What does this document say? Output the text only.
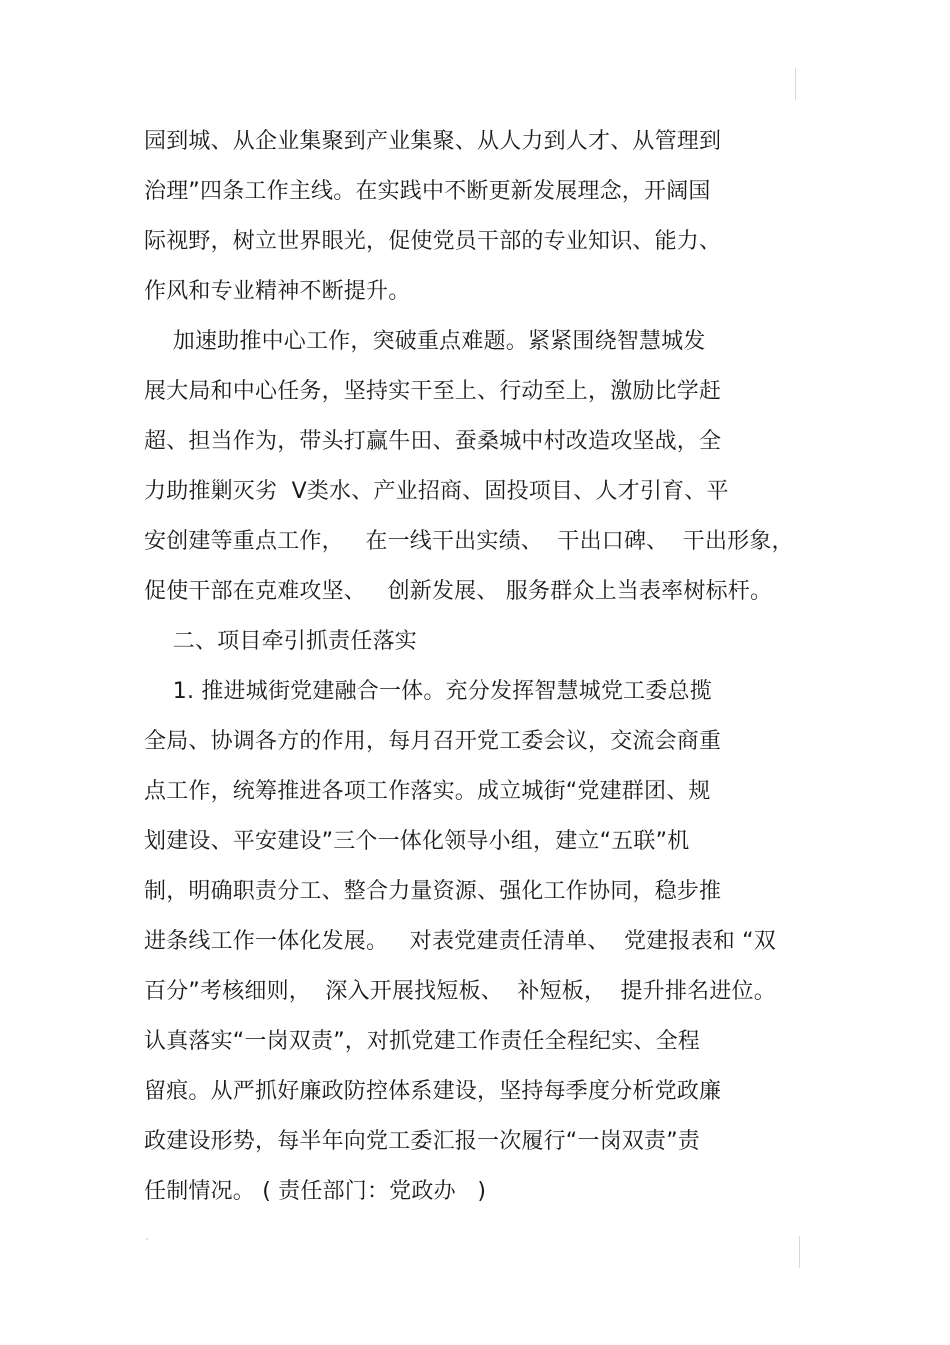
园到城、从企业集聚到产业集聚、从人力到人才、从管理到

治理”四条工作主线。在实践中不断更新发展理念，开阔国

际视野，树立世界眼光，促使党员干部的专业知识、能力、

作风和专业精神不断提升。

加速助推中心工作，突破重点难题。紧紧围绕智慧城发

展大局和中心任务，坚持实干至上、行动至上，激励比学赶

超、担当作为，带头打赢牛田、蚕桑城中村改造攻坚战，全

力助推剿灭劣  Ⅴ类水、产业招商、固投项目、人才引育、平

安创建等重点工作，   在一线干出实绩、  干出口碑、  干出形象，

促使干部在克难攻坚、   创新发展、 服务群众上当表率树标杆。

二、项目牵引抓责任落实

1. 推进城街党建融合一体。充分发挥智慧城党工委总揽

全局、协调各方的作用，每月召开党工委会议，交流会商重

点工作，统筹推进各项工作落实。成立城街“党建群团、规

划建设、平安建设”三个一体化领导小组，建立“五联”机

制，明确职责分工、整合力量资源、强化工作协同，稳步推

进条线工作一体化发展。   对表党建责任清单、  党建报表和 “双

百分”考核细则，  深入开展找短板、  补短板，  提升排名进位。

认真落实“一岗双责”，对抓党建工作责任全程纪实、全程

留痕。从严抓好廉政防控体系建设，坚持每季度分析党政廉

政建设形势，每半年向党工委汇报一次履行“一岗双责”责

任制情况。 ( 责任部门：党政办   )
